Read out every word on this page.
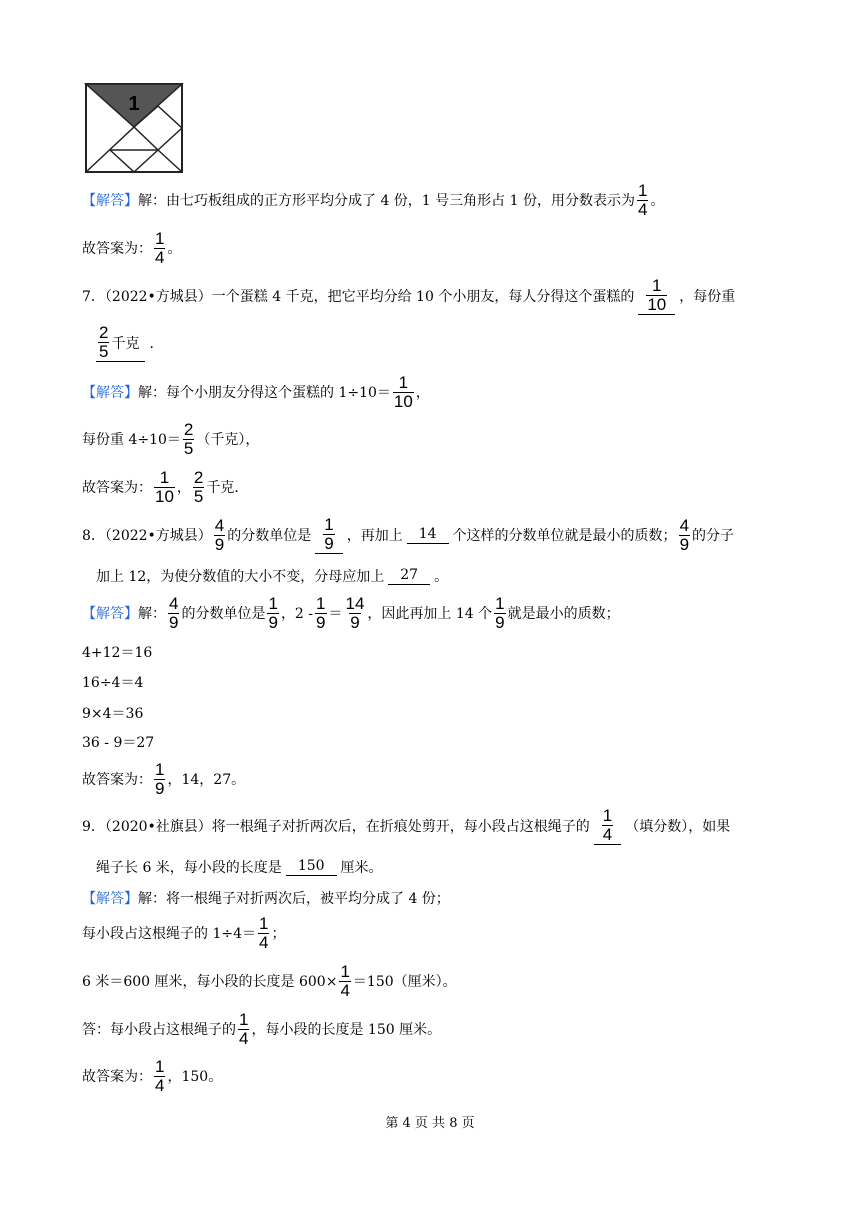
1
【解答】 解：由七巧板组成的正方形平均分成了 4 份，1 号三角形占 1 份，用分数表示为 $\frac{1}{4}$ 。
故答案为： $\frac{1}{4}$ 。
7．（2022•方城县）一个蛋糕 4 千克，把它平均分给 10 个小朋友，每人分得这个蛋糕的 $\frac{1}{10}$ ，每份重
$\frac{2}{5}$ 千克 ．
【解答】 解：每个小朋友分得这个蛋糕的 $1\div 10= \frac{1}{10}$ ，
每份重 $4\div 10= \frac{2}{5}$ （千克），
故答案为： $\frac{1}{10}$ ， $\frac{2}{5}$ 千克．
8．（2022•方城县） $\frac{4}{9}$ 的分数单位是 $\frac{1}{9}$ ，再加上	14	个这样的分数单位就是最小的质数； $\frac{4}{9}$ 的分子
加上 12，为使分数值的大小不变，分母应加上	27	。
【解答】 解： $\frac{4}{9}$ 的分数单位是 $\frac{1}{9}$ ，$2 - \frac{1}{9} = \frac{14}{9}$ ，因此再加上 14 个 $\frac{1}{9}$ 就是最小的质数；
4+12＝16
16÷4＝4
9×4＝36
36 - 9＝27
故答案为： $\frac{1}{9}$ ，14，27。
9．（2020•社旗县）将一根绳子对折两次后，在折痕处剪开，每小段占这根绳子的 $\frac{1}{4}$ （填分数），如果
绳子长 6 米，每小段的长度是	150	厘米。
【解答】 解：将一根绳子对折两次后，被平均分成了 4 份；
每小段占这根绳子的 $1\div 4= \frac{1}{4}$ ；
6 米＝600 厘米，每小段的长度是 $600\times \frac{1}{4} =150$（厘米）。
答：每小段占这根绳子的 $\frac{1}{4}$ ，每小段的长度是 150 厘米。
故答案为： $\frac{1}{4}$ ，150。
第 4 页 共 8 页
